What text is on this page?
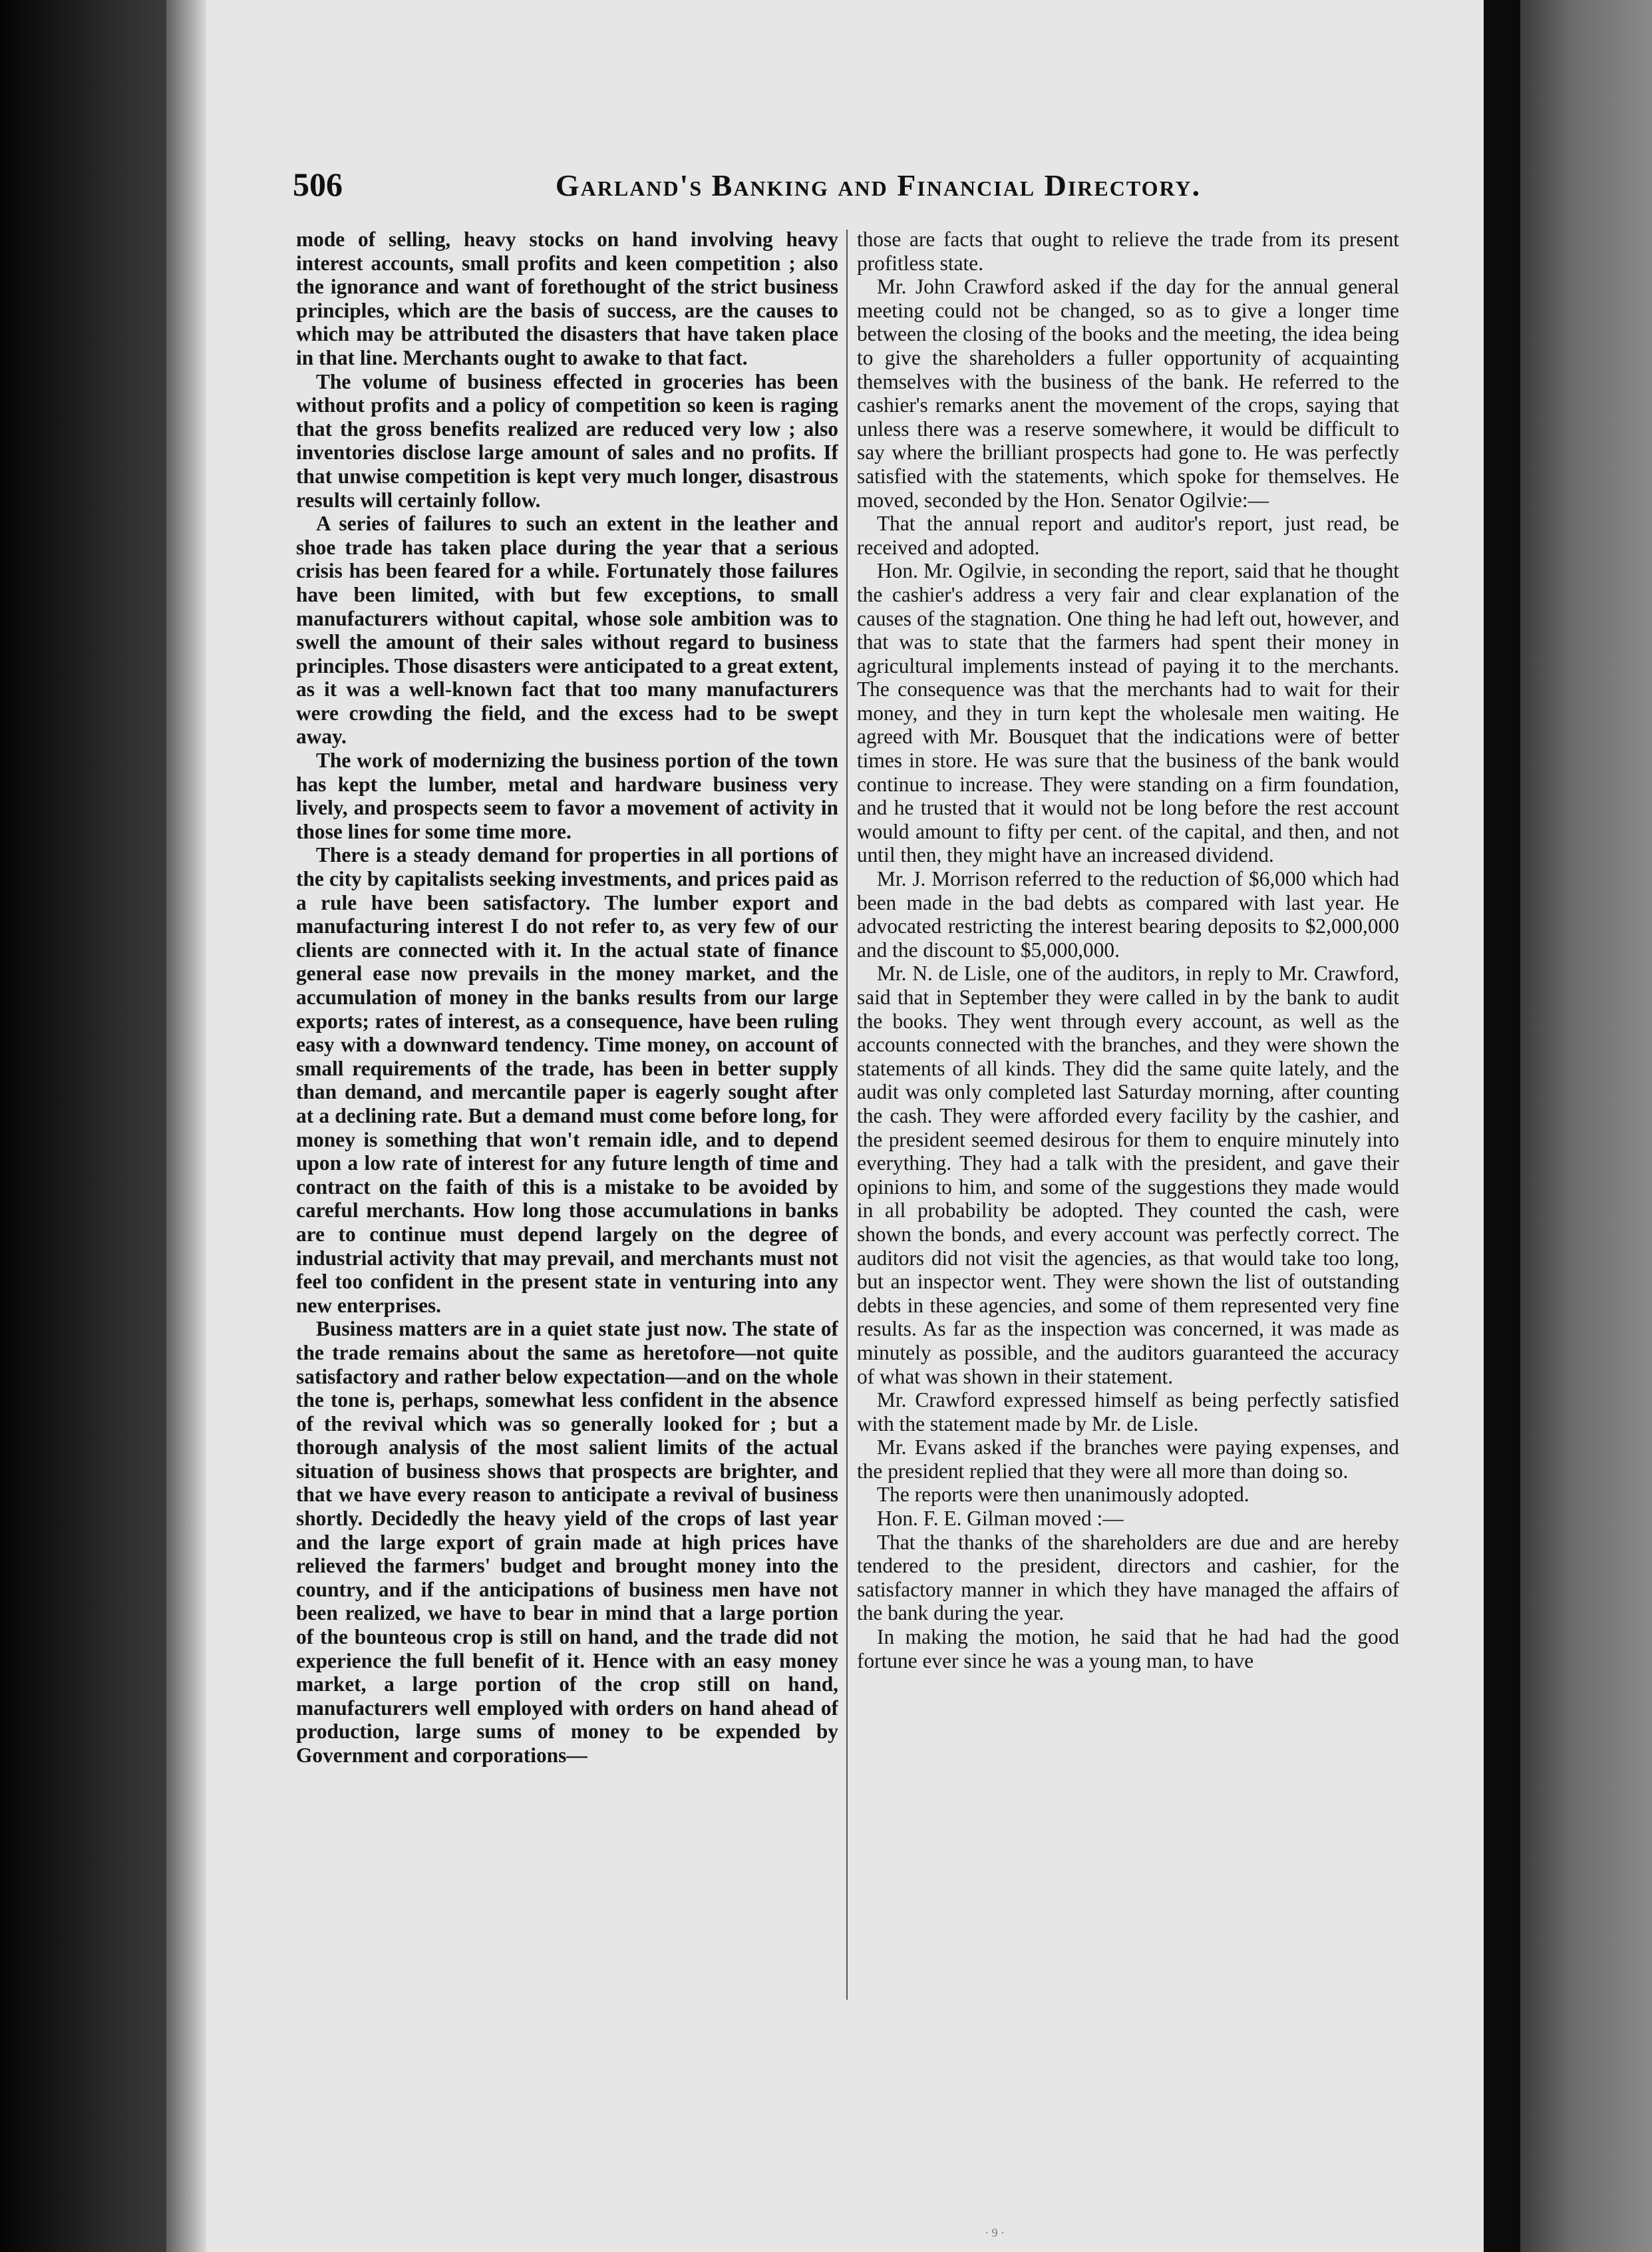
506	Garland's Banking and Financial Directory.

mode of selling, heavy stocks on hand involving heavy interest accounts, small profits and keen competition ; also the ignorance and want of forethought of the strict business principles, which are the basis of success, are the causes to which may be attributed the disasters that have taken place in that line. Merchants ought to awake to that fact.

The volume of business effected in groceries has been without profits and a policy of competition so keen is raging that the gross benefits realized are reduced very low ; also inventories disclose large amount of sales and no profits. If that unwise competition is kept very much longer, disastrous results will certainly follow.

A series of failures to such an extent in the leather and shoe trade has taken place during the year that a serious crisis has been feared for a while. Fortunately those failures have been limited, with but few exceptions, to small manufacturers without capital, whose sole ambition was to swell the amount of their sales without regard to business principles. Those disasters were anticipated to a great extent, as it was a well-known fact that too many manufacturers were crowding the field, and the excess had to be swept away.

The work of modernizing the business portion of the town has kept the lumber, metal and hardware business very lively, and prospects seem to favor a movement of activity in those lines for some time more.

There is a steady demand for properties in all portions of the city by capitalists seeking investments, and prices paid as a rule have been satisfactory. The lumber export and manufacturing interest I do not refer to, as very few of our clients are connected with it. In the actual state of finance general ease now prevails in the money market, and the accumulation of money in the banks results from our large exports; rates of interest, as a consequence, have been ruling easy with a downward tendency. Time money, on account of small requirements of the trade, has been in better supply than demand, and mercantile paper is eagerly sought after at a declining rate. But a demand must come before long, for money is something that won't remain idle, and to depend upon a low rate of interest for any future length of time and contract on the faith of this is a mistake to be avoided by careful merchants. How long those accumulations in banks are to continue must depend largely on the degree of industrial activity that may prevail, and merchants must not feel too confident in the present state in venturing into any new enterprises.

Business matters are in a quiet state just now. The state of the trade remains about the same as heretofore—not quite satisfactory and rather below expectation—and on the whole the tone is, perhaps, somewhat less confident in the absence of the revival which was so generally looked for ; but a thorough analysis of the most salient limits of the actual situation of business shows that prospects are brighter, and that we have every reason to anticipate a revival of business shortly. Decidedly the heavy yield of the crops of last year and the large export of grain made at high prices have relieved the farmers' budget and brought money into the country, and if the anticipations of business men have not been realized, we have to bear in mind that a large portion of the bounteous crop is still on hand, and the trade did not experience the full benefit of it. Hence with an easy money market, a large portion of the crop still on hand, manufacturers well employed with orders on hand ahead of production, large sums of money to be expended by Government and corporations—

those are facts that ought to relieve the trade from its present profitless state.

Mr. John Crawford asked if the day for the annual general meeting could not be changed, so as to give a longer time between the closing of the books and the meeting, the idea being to give the shareholders a fuller opportunity of acquainting themselves with the business of the bank. He referred to the cashier's remarks anent the movement of the crops, saying that unless there was a reserve somewhere, it would be difficult to say where the brilliant prospects had gone to. He was perfectly satisfied with the statements, which spoke for themselves. He moved, seconded by the Hon. Senator Ogilvie:—

That the annual report and auditor's report, just read, be received and adopted.

Hon. Mr. Ogilvie, in seconding the report, said that he thought the cashier's address a very fair and clear explanation of the causes of the stagnation. One thing he had left out, however, and that was to state that the farmers had spent their money in agricultural implements instead of paying it to the merchants. The consequence was that the merchants had to wait for their money, and they in turn kept the wholesale men waiting. He agreed with Mr. Bousquet that the indications were of better times in store. He was sure that the business of the bank would continue to increase. They were standing on a firm foundation, and he trusted that it would not be long before the rest account would amount to fifty per cent. of the capital, and then, and not until then, they might have an increased dividend.

Mr. J. Morrison referred to the reduction of $6,000 which had been made in the bad debts as compared with last year. He advocated restricting the interest bearing deposits to $2,000,000 and the discount to $5,000,000.

Mr. N. de Lisle, one of the auditors, in reply to Mr. Crawford, said that in September they were called in by the bank to audit the books. They went through every account, as well as the accounts connected with the branches, and they were shown the statements of all kinds. They did the same quite lately, and the audit was only completed last Saturday morning, after counting the cash. They were afforded every facility by the cashier, and the president seemed desirous for them to enquire minutely into everything. They had a talk with the president, and gave their opinions to him, and some of the suggestions they made would in all probability be adopted. They counted the cash, were shown the bonds, and every account was perfectly correct. The auditors did not visit the agencies, as that would take too long, but an inspector went. They were shown the list of outstanding debts in these agencies, and some of them represented very fine results. As far as the inspection was concerned, it was made as minutely as possible, and the auditors guaranteed the accuracy of what was shown in their statement.

Mr. Crawford expressed himself as being perfectly satisfied with the statement made by Mr. de Lisle.

Mr. Evans asked if the branches were paying expenses, and the president replied that they were all more than doing so.

The reports were then unanimously adopted.

Hon. F. E. Gilman moved :—

That the thanks of the shareholders are due and are hereby tendered to the president, directors and cashier, for the satisfactory manner in which they have managed the affairs of the bank during the year.

In making the motion, he said that he had had the good fortune ever since he was a young man, to have

· 9 ·
